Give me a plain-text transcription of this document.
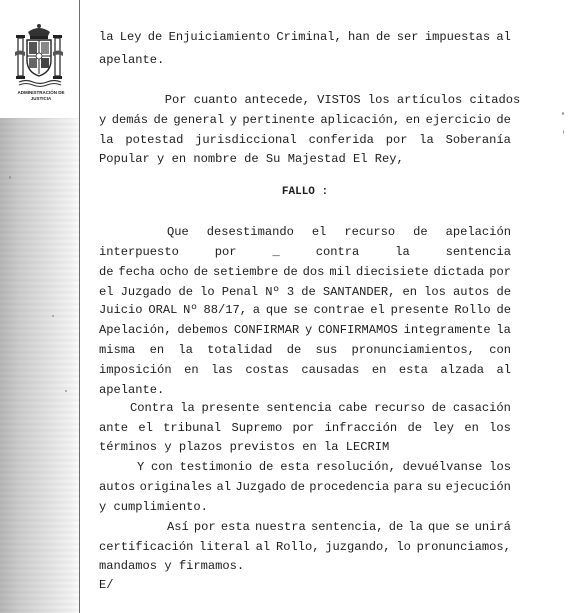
ADMINISTRACIÓN DE JUSTICIA
la Ley de Enjuiciamiento Criminal, han de ser impuestas al
apelante.
Por cuanto antecede, VISTOS los artículos citados
y demás de general y pertinente aplicación, en ejercicio de
la potestad jurisdiccional conferida por la Soberanía
Popular y en nombre de Su Majestad El Rey,
Que desestimando el recurso de apelación
interpuesto	por	_	contra	la	sentencia
de fecha ocho de setiembre de dos mil diecisiete dictada por
el Juzgado de lo Penal Nº 3 de SANTANDER, en los autos de
Juicio ORAL Nº 88/17, a que se contrae el presente Rollo de
Apelación, debemos CONFIRMAR y CONFIRMAMOS integramente la
misma en la totalidad de sus pronunciamientos, con
imposición en las costas causadas en esta alzada al
apelante.
Contra la presente sentencia cabe recurso de casación
ante el tribunal Supremo por infracción de ley en los
términos y plazos previstos en la LECRIM
Y con testimonio de esta resolución, devuélvanse los
autos originales al Juzgado de procedencia para su ejecución
y cumplimiento.
Así por esta nuestra sentencia, de la que se unirá
certificación literal al Rollo, juzgando, lo pronunciamos,
mandamos y firmamos.
E/
FALLO :
